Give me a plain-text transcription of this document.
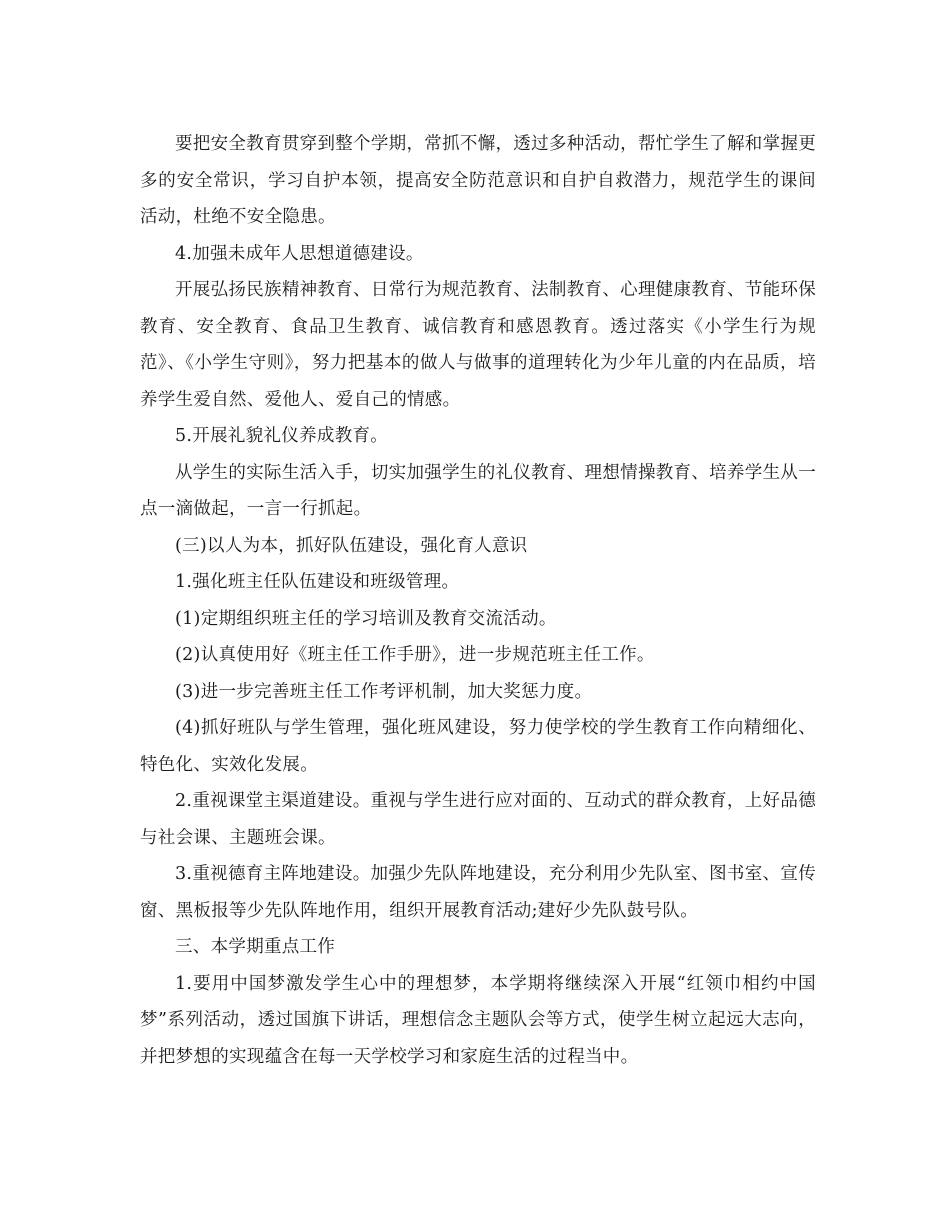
要把安全教育贯穿到整个学期，常抓不懈，透过多种活动，帮忙学生了解和掌握更多的安全常识，学习自护本领，提高安全防范意识和自护自救潜力，规范学生的课间活动，杜绝不安全隐患。

4.加强未成年人思想道德建设。

开展弘扬民族精神教育、日常行为规范教育、法制教育、心理健康教育、节能环保教育、安全教育、食品卫生教育、诚信教育和感恩教育。透过落实《小学生行为规范》、《小学生守则》，努力把基本的做人与做事的道理转化为少年儿童的内在品质，培养学生爱自然、爱他人、爱自己的情感。

5.开展礼貌礼仪养成教育。

从学生的实际生活入手，切实加强学生的礼仪教育、理想情操教育、培养学生从一点一滴做起，一言一行抓起。

(三)以人为本，抓好队伍建设，强化育人意识

1.强化班主任队伍建设和班级管理。

(1)定期组织班主任的学习培训及教育交流活动。

(2)认真使用好《班主任工作手册》，进一步规范班主任工作。

(3)进一步完善班主任工作考评机制，加大奖惩力度。

(4)抓好班队与学生管理，强化班风建设，努力使学校的学生教育工作向精细化、特色化、实效化发展。

2.重视课堂主渠道建设。重视与学生进行应对面的、互动式的群众教育，上好品德与社会课、主题班会课。

3.重视德育主阵地建设。加强少先队阵地建设，充分利用少先队室、图书室、宣传窗、黑板报等少先队阵地作用，组织开展教育活动;建好少先队鼓号队。

三、本学期重点工作

1.要用中国梦激发学生心中的理想梦，本学期将继续深入开展“红领巾相约中国梦”系列活动，透过国旗下讲话，理想信念主题队会等方式，使学生树立起远大志向，并把梦想的实现蕴含在每一天学校学习和家庭生活的过程当中。
